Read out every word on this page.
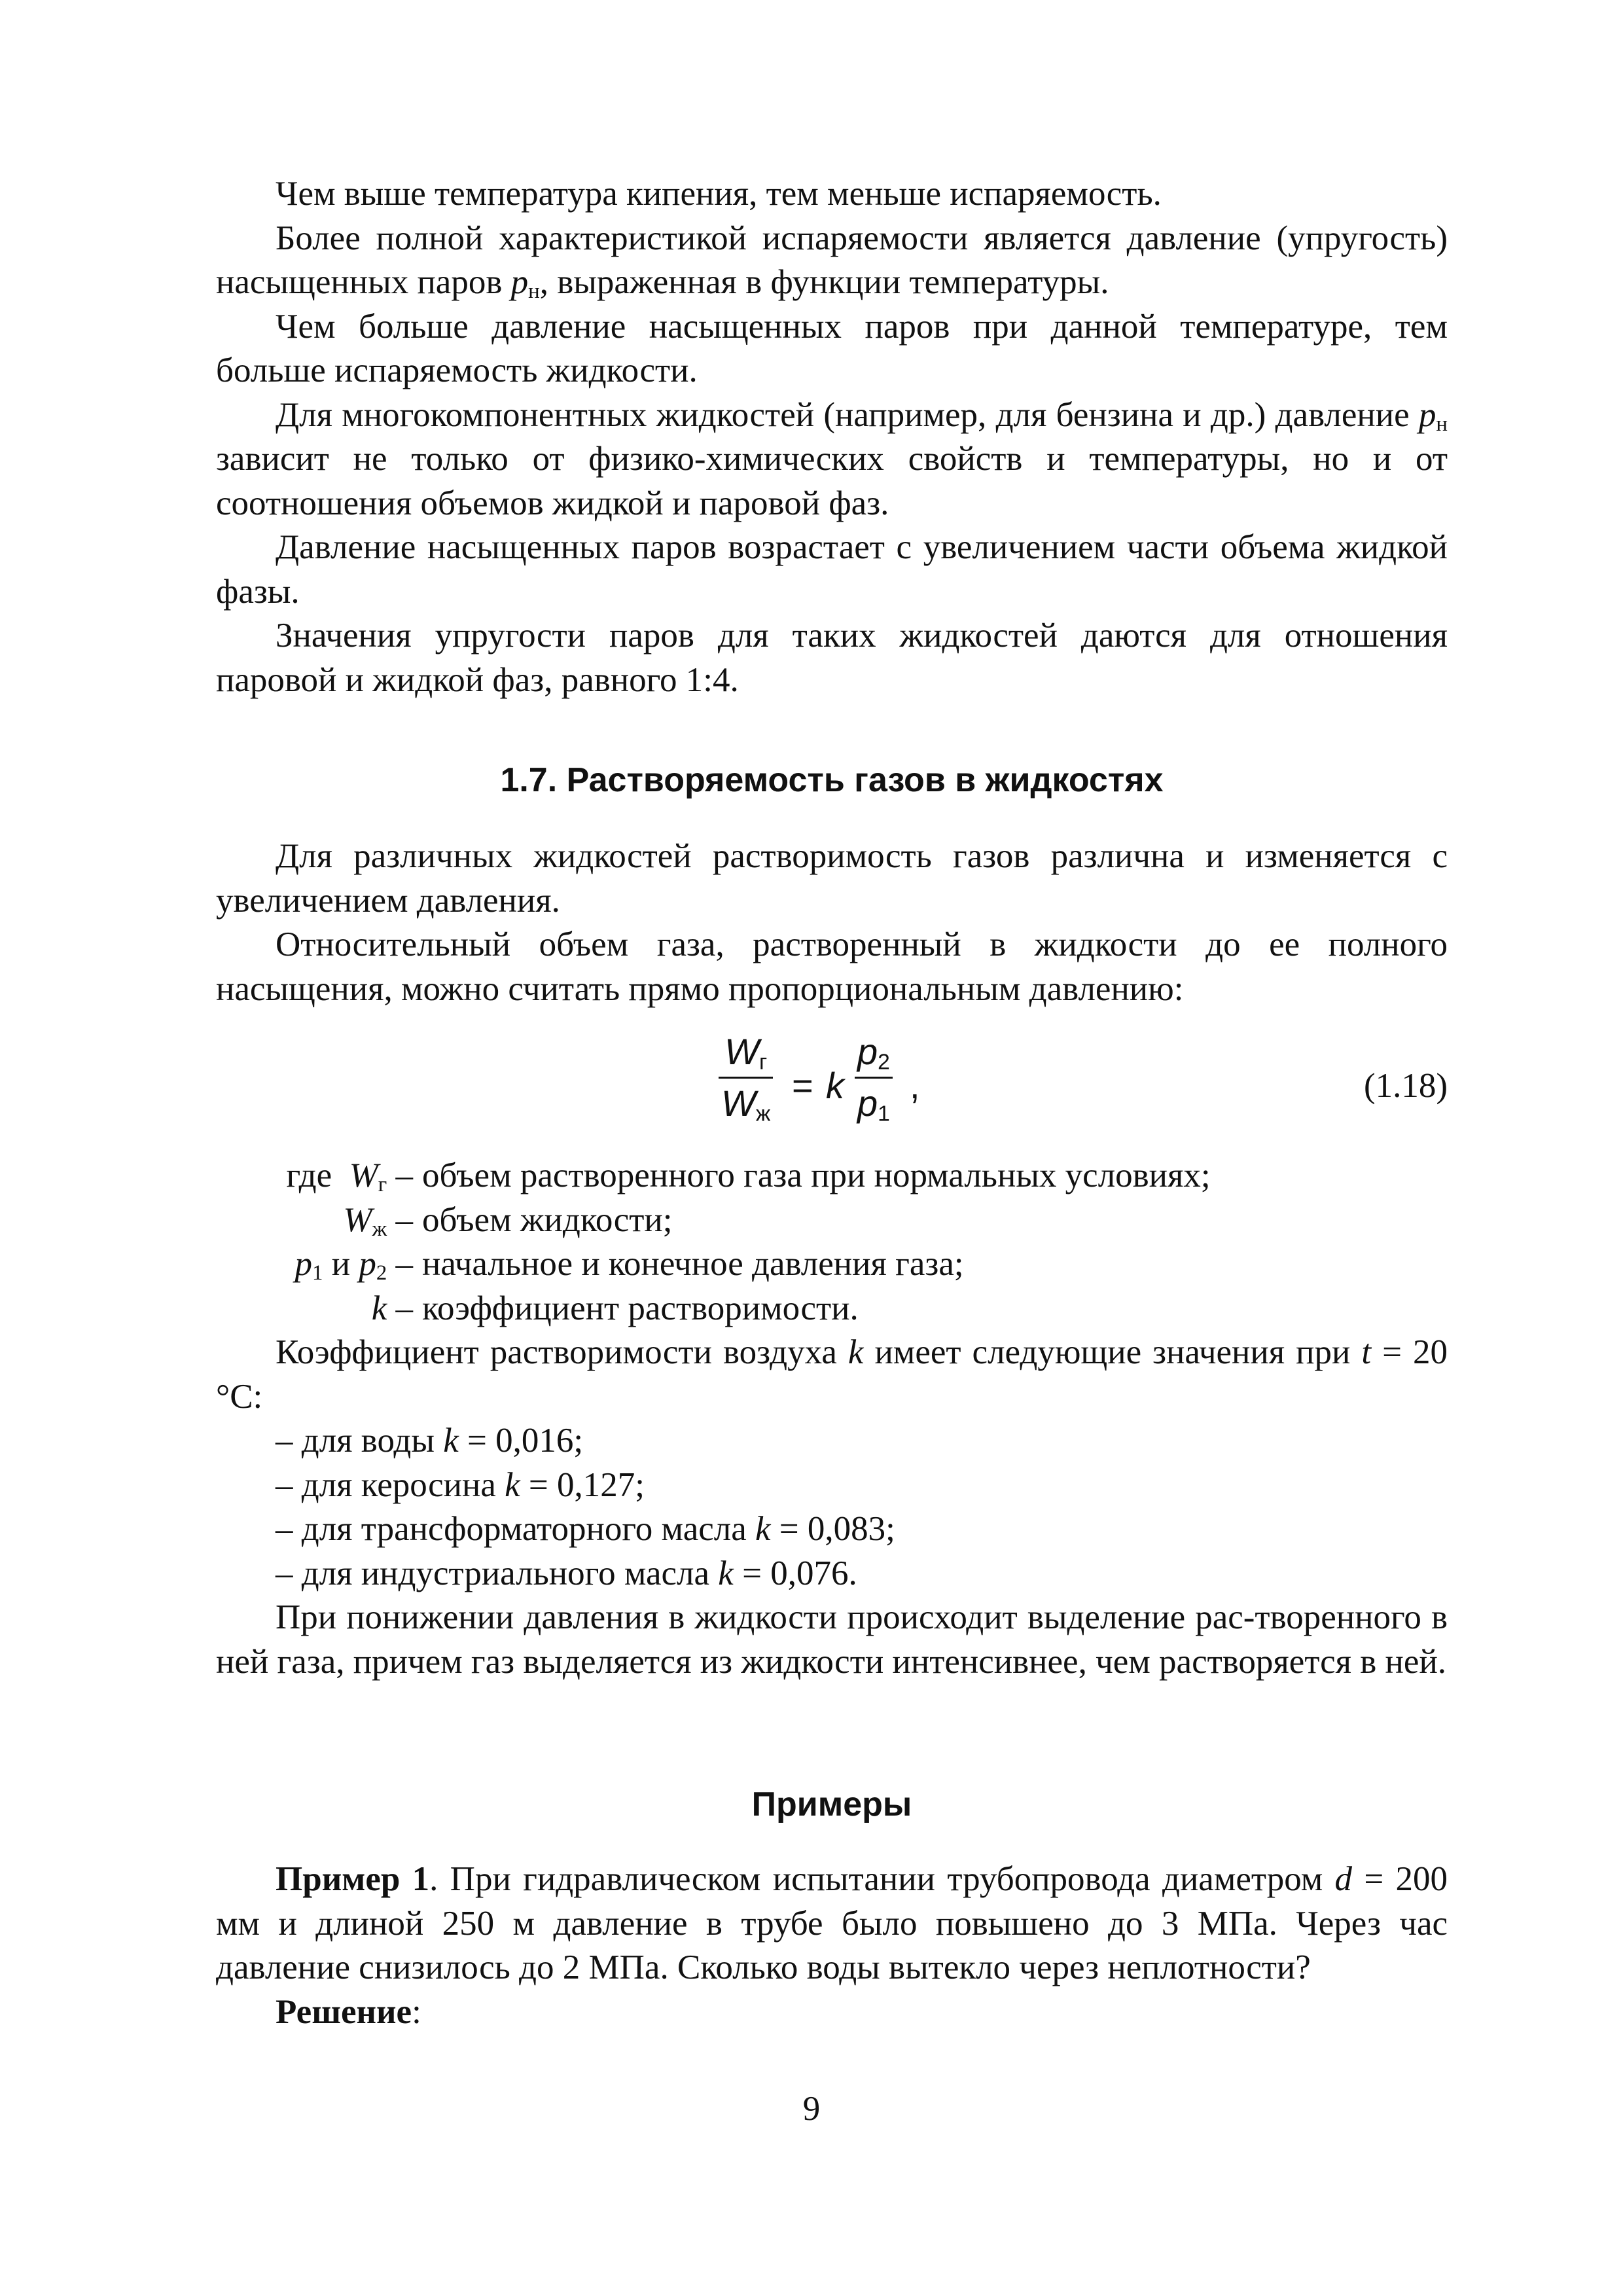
Чем выше температура кипения, тем меньше испаряемость.

Более полной характеристикой испаряемости является давление (упругость) насыщенных паров $p_н$, выраженная в функции температуры.

Чем больше давление насыщенных паров при данной температуре, тем больше испаряемость жидкости.

Для многокомпонентных жидкостей (например, для бензина и др.) давление $p_н$ зависит не только от физико-химических свойств и температуры, но и от соотношения объемов жидкой и паровой фаз.

Давление насыщенных паров возрастает с увеличением части объема жидкой фазы.

Значения упругости паров для таких жидкостей даются для отношения паровой и жидкой фаз, равного 1:4.

1.7. Растворяемость газов в жидкостях

Для различных жидкостей растворимость газов различна и изменяется с увеличением давления.

Относительный объем газа, растворенный в жидкости до ее полного насыщения, можно считать прямо пропорциональным давлению:

$W_г$
$W_ж$
= k
$p_2$
$p_1$
,	(1.18)
где $W_г$ – объем растворенного газа при нормальных условиях;
$W_ж$ – объем жидкости;
$p_1$ и $p_2$ – начальное и конечное давления газа;
k – коэффициент растворимости.

Коэффициент растворимости воздуха k имеет следующие значения при t = 20 °С:

– для воды k = 0,016;

– для керосина k = 0,127;

– для трансформаторного масла k = 0,083;

– для индустриального масла k = 0,076.

При понижении давления в жидкости происходит выделение рас-творенного в ней газа, причем газ выделяется из жидкости интенсивнее, чем растворяется в ней.

Примеры

Пример 1. При гидравлическом испытании трубопровода диаметром d = 200 мм и длиной 250 м давление в трубе было повышено до 3 МПа. Через час давление снизилось до 2 МПа. Сколько воды вытекло через неплотности?

Решение:

9
